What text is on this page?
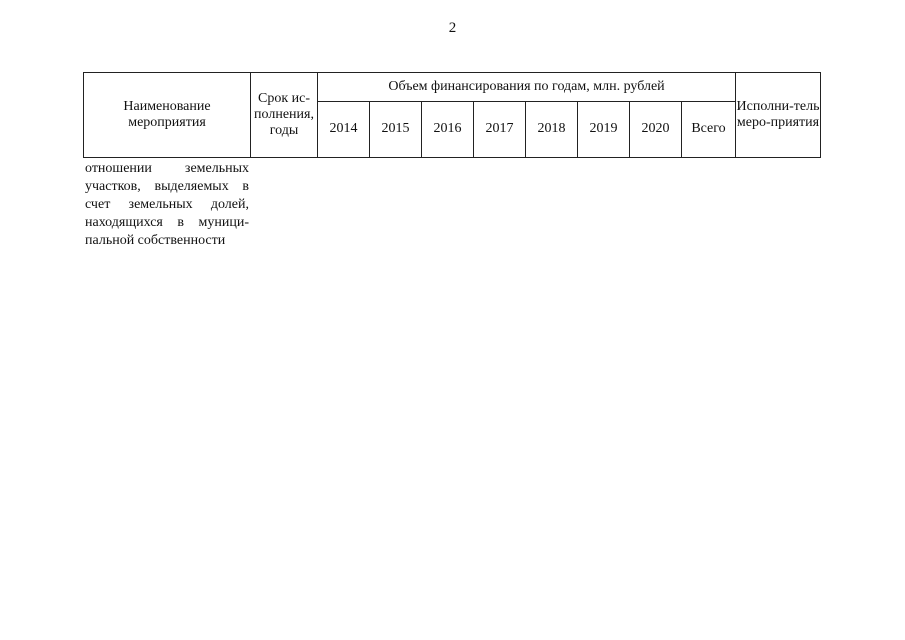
2
Наименование мероприятия	Срок ис-полнения, годы	Объем финансирования по годам, млн. рублей								Исполни-тель меро-приятия
		2014	2015	2016	2017	2018	2019	2020	Всего	
отношении земельных
участков, выделяемых в
счет земельных долей,
находящихся в муници-
пальной собственности
